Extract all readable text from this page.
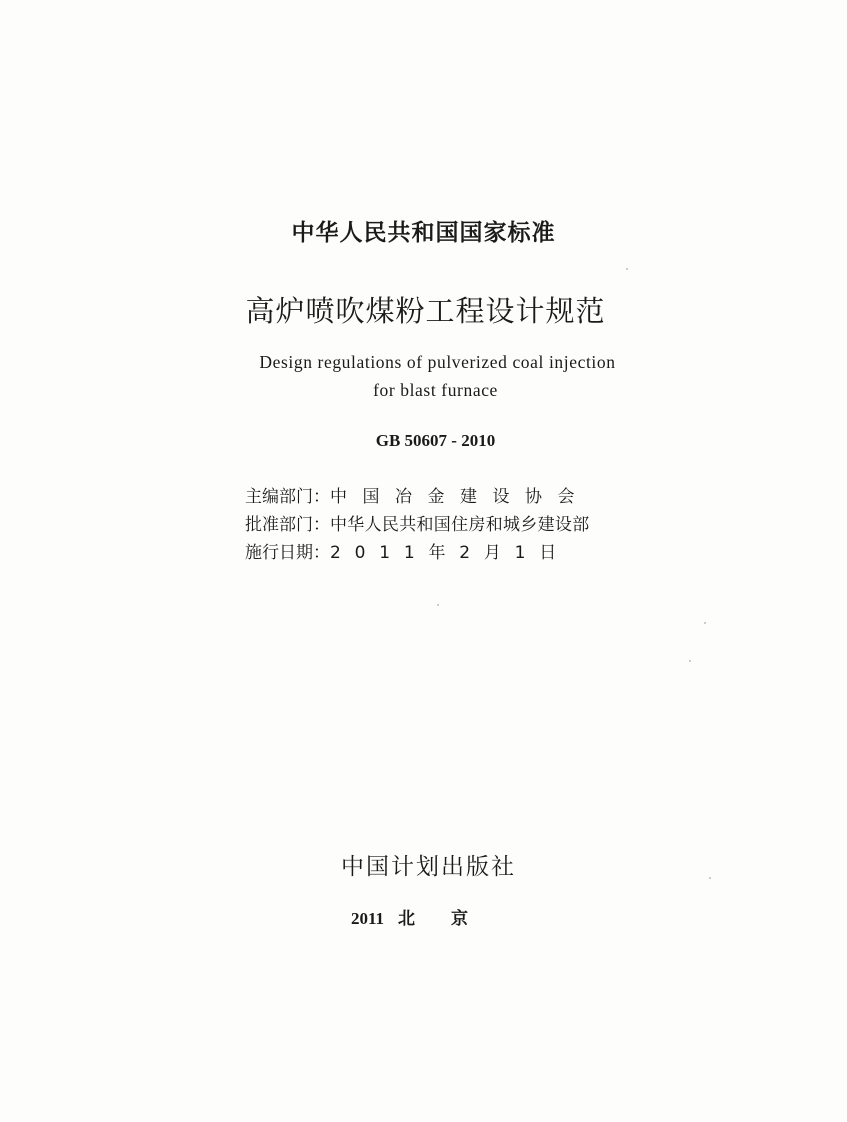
中华人民共和国国家标准
高炉喷吹煤粉工程设计规范
Design regulations of pulverized coal injection
for blast furnace
GB 50607 - 2010
主编部门：中国冶金建设协会
批准部门：中华人民共和国住房和城乡建设部
施行日期：2011年2月1日
中国计划出版社
2011 北京
